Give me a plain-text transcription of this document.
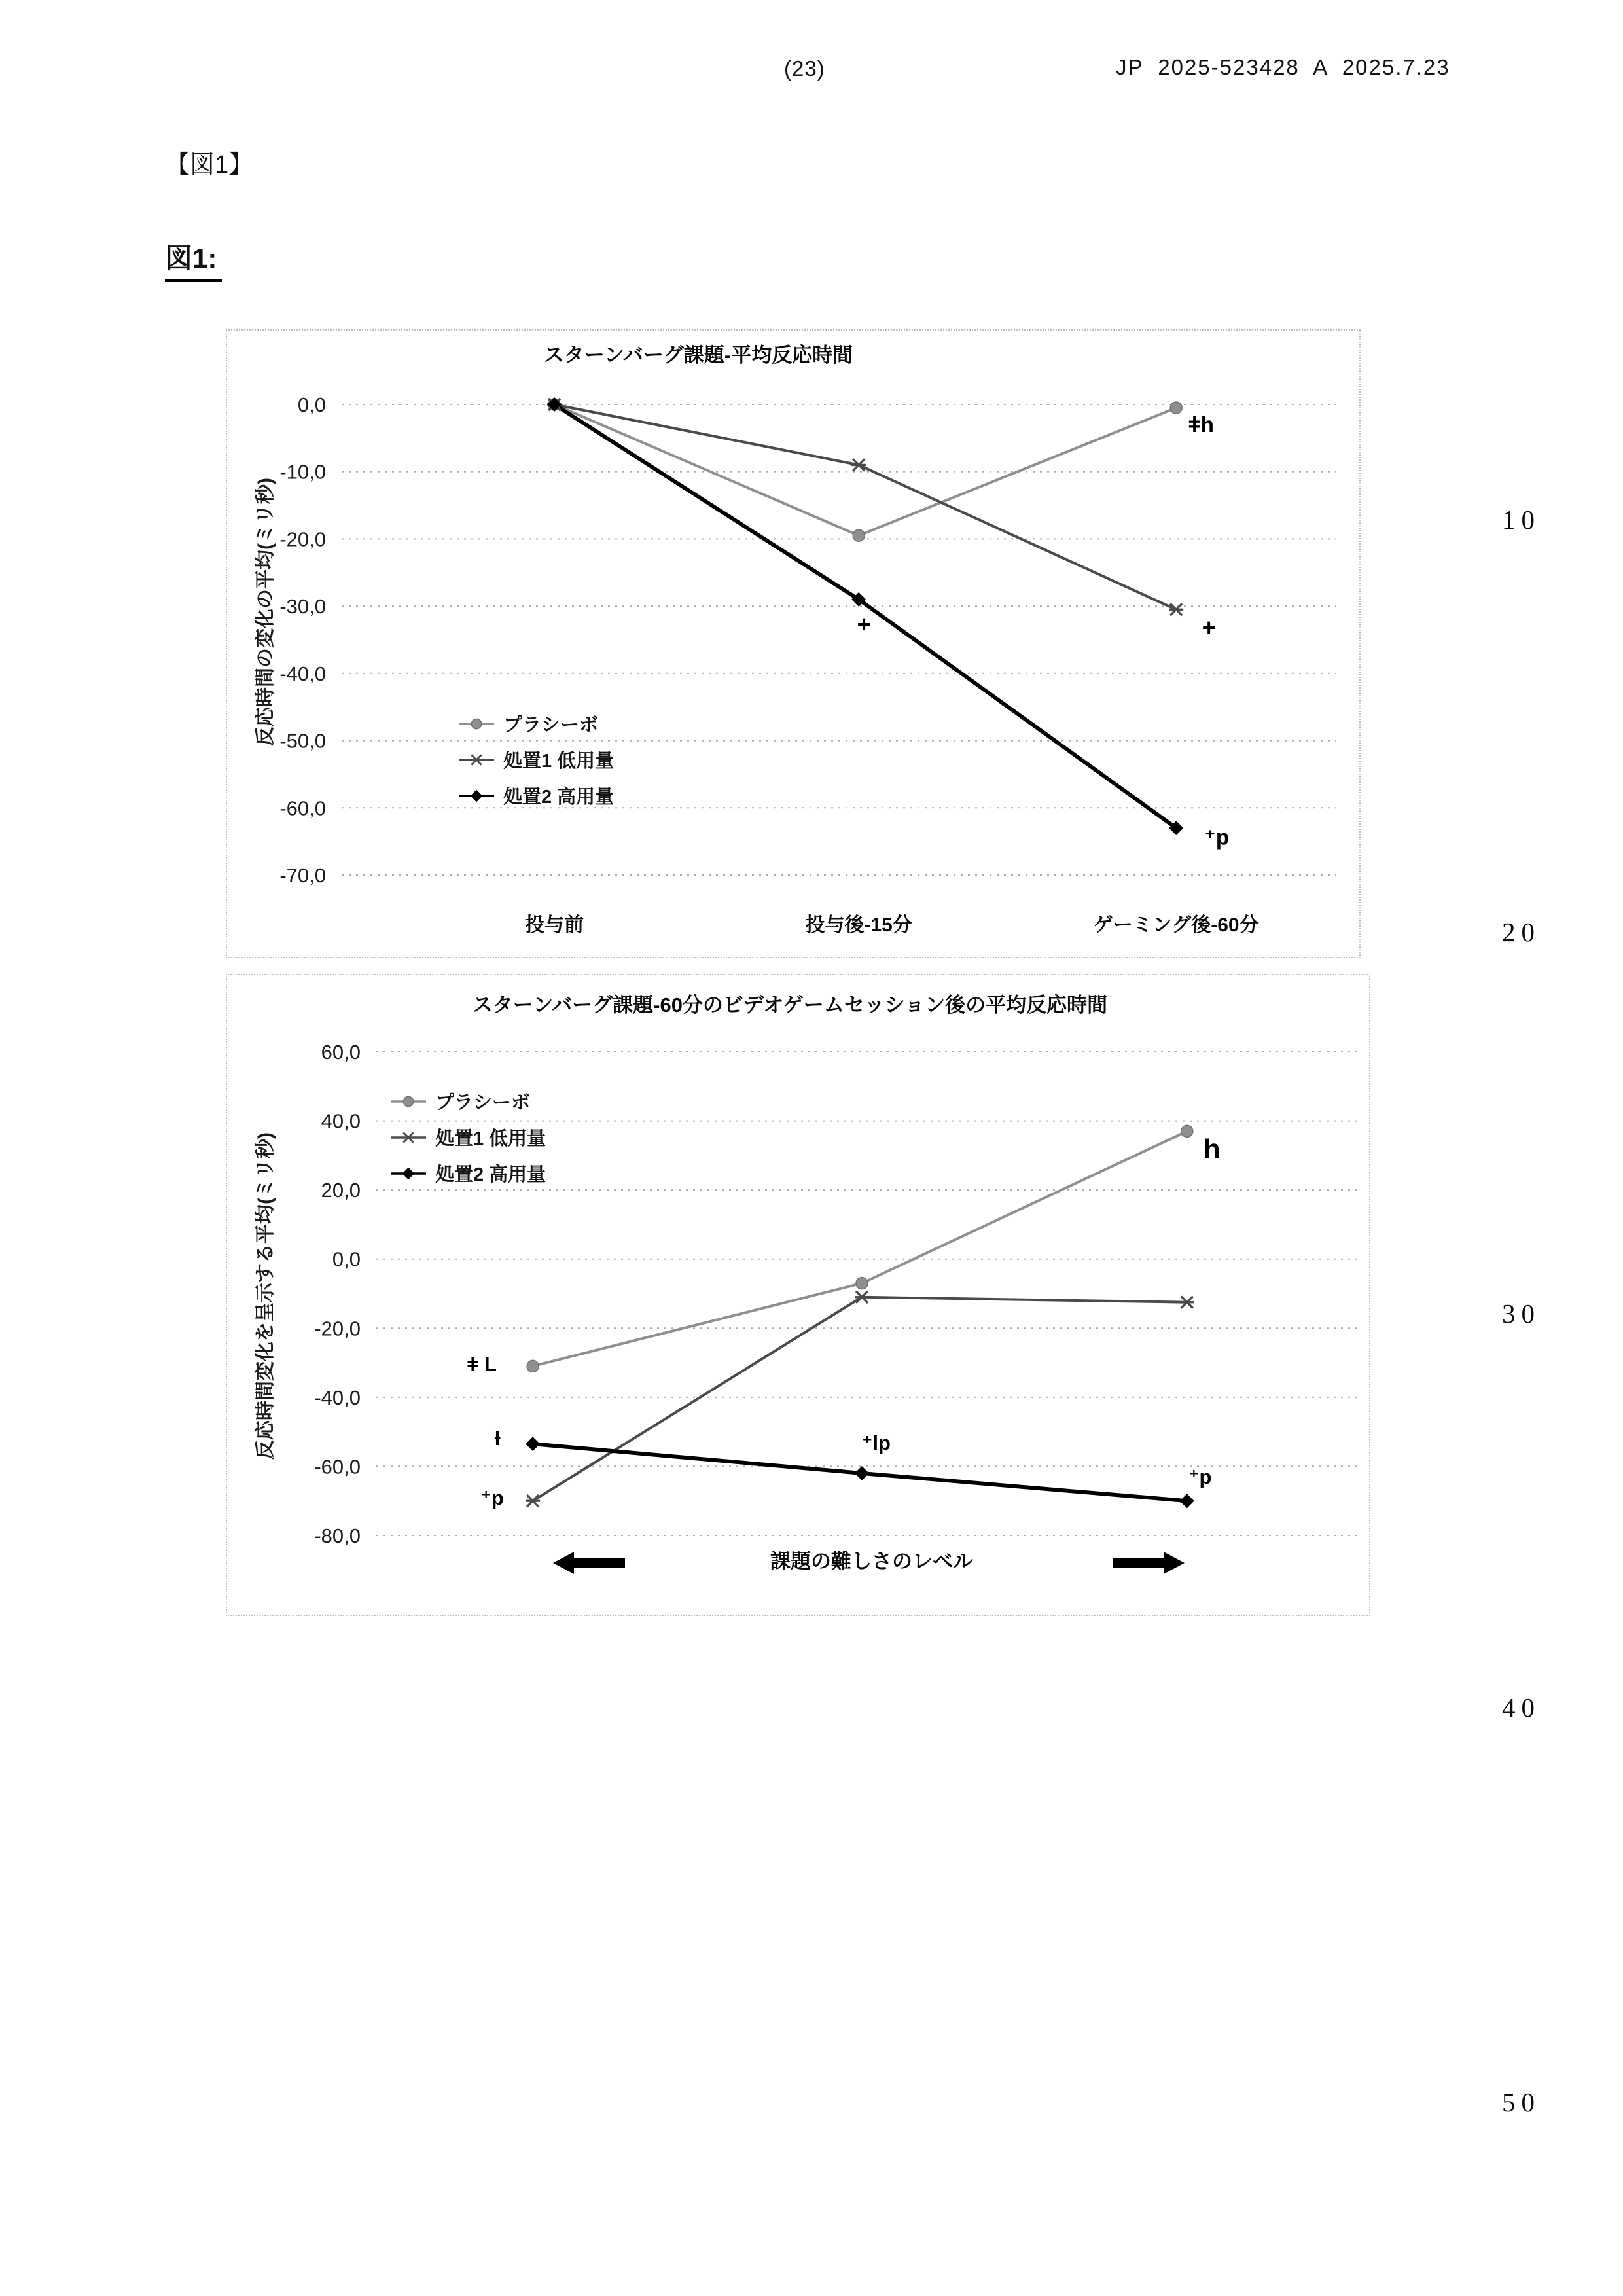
(23)	JP  2025-523428  A  2025.7.23
【図1】
図1:
スターンバーグ課題-平均反応時間
反応時間の変化の平均(ミリ秒)
0,0
-10,0
-20,0
-30,0
-40,0
-50,0
-60,0
-70,0
プラシーボ
処置1 低用量
処置2 高用量
投与前	投与後-15分	ゲーミング後-60分
ǂh
+
+
⁺p
スターンバーグ課題-60分のビデオゲームセッション後の平均反応時間
反応時間変化を呈示する平均(ミリ秒)
60,0
40,0
20,0
0,0
-20,0
-40,0
-60,0
-80,0
プラシーボ
処置1 低用量
処置2 高用量
課題の難しさのレベル
ǂ L
h
⁺p
Ɨ	⁺lp
⁺p
10
20
30
40
50
